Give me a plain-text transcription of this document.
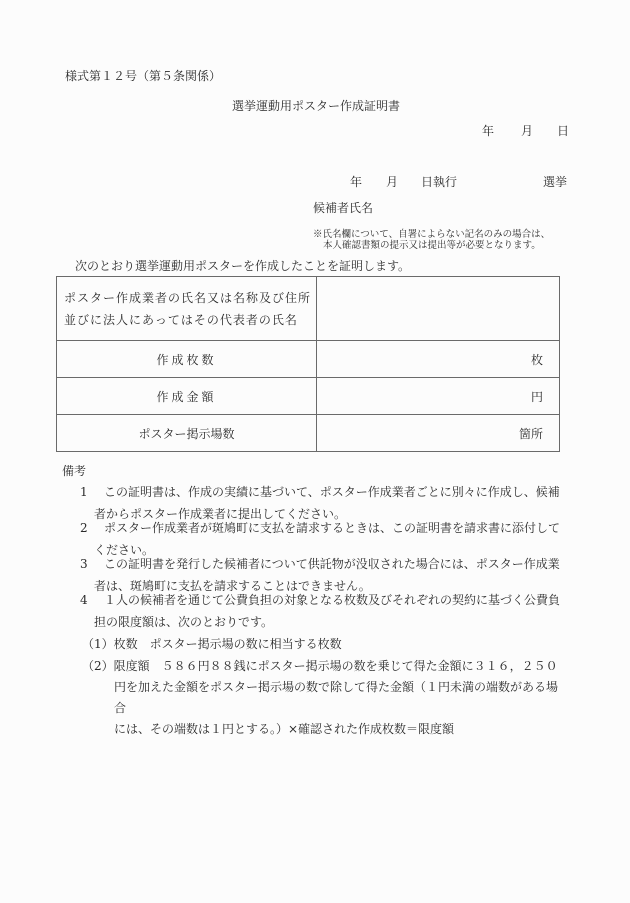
様式第１２号（第５条関係）
選挙運動用ポスター作成証明書
年 月 日
年 月 日執行	選挙
候補者氏名
※氏名欄について、自署によらない記名のみの場合は、
本人確認書類の提示又は提出等が必要となります。
次のとおり選挙運動用ポスターを作成したことを証明します。
ポスター作成業者の氏名又は名称及び住所
並びに法人にあってはその代表者の氏名	

作成枚数	枚
作成金額	円
ポスター掲示場数	箇所
備考
1 この証明書は、作成の実績に基づいて、ポスター作成業者ごとに別々に作成し、候補
者からポスター作成業者に提出してください。
2 ポスター作成業者が斑鳩町に支払を請求するときは、この証明書を請求書に添付して
ください。
3 この証明書を発行した候補者について供託物が没収された場合には、ポスター作成業
者は、斑鳩町に支払を請求することはできません。
4 １人の候補者を通じて公費負担の対象となる枚数及びそれぞれの契約に基づく公費負
担の限度額は、次のとおりです。
（1）枚数　ポスター掲示場の数に相当する枚数
（2）限度額　５８６円８８銭にポスター掲示場の数を乗じて得た金額に３１６，２５０
円を加えた金額をポスター掲示場の数で除して得た金額（１円未満の端数がある場合
には、その端数は１円とする。）×確認された作成枚数＝限度額
